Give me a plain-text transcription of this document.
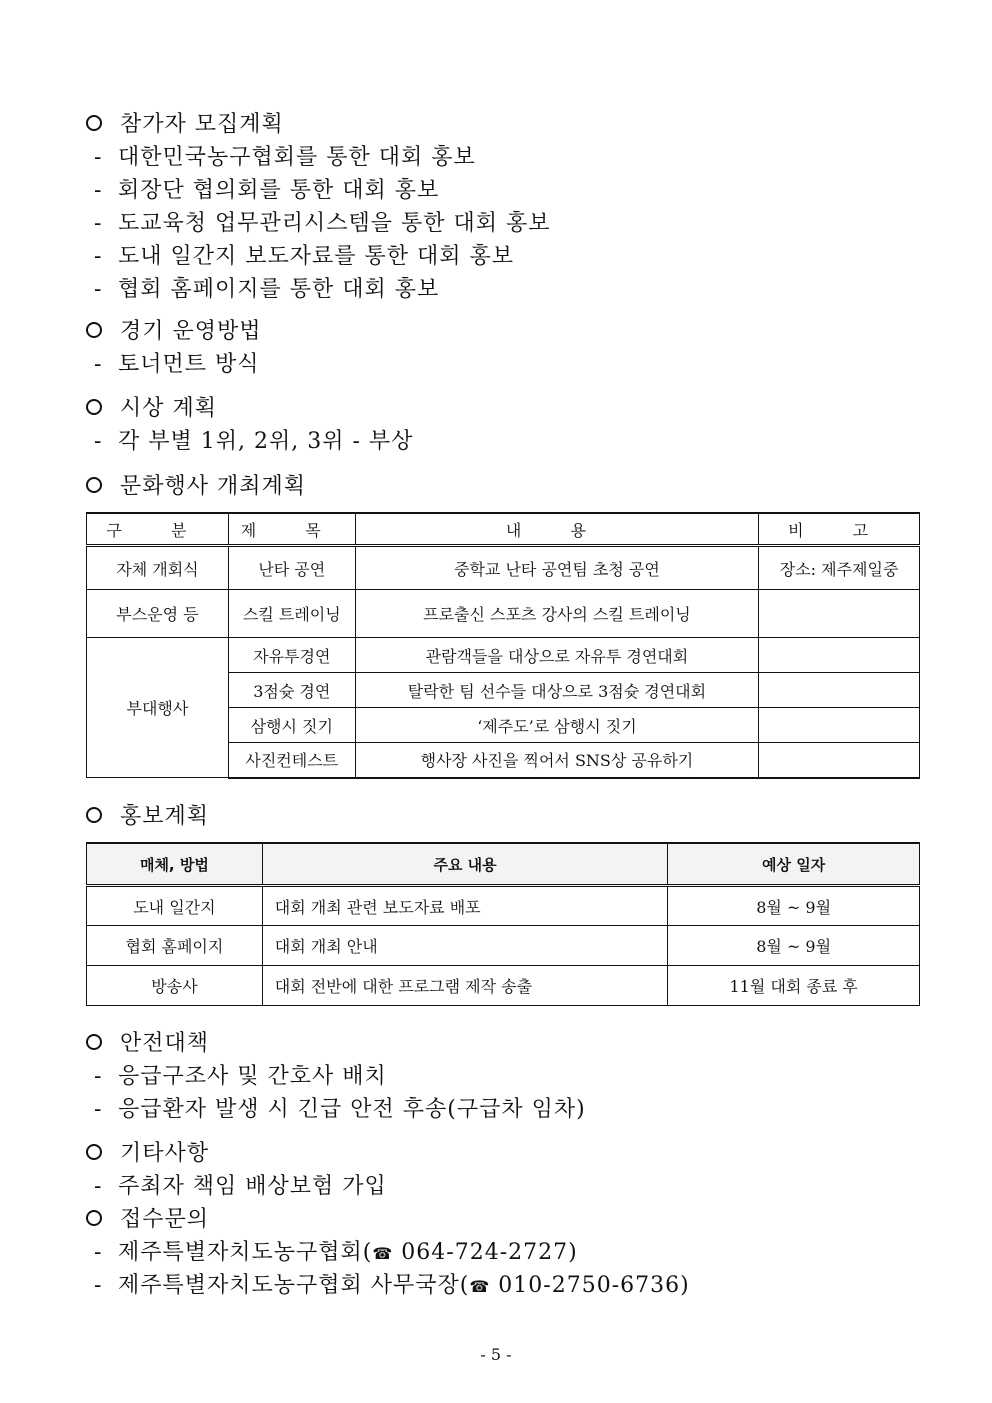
참가자 모집계획
- 대한민국농구협회를 통한 대회 홍보
- 회장단 협의회를 통한 대회 홍보
- 도교육청 업무관리시스템을 통한 대회 홍보
- 도내 일간지 보도자료를 통한 대회 홍보
- 협회 홈페이지를 통한 대회 홍보
경기 운영방법
- 토너먼트 방식
시상 계획
- 각 부별 1위, 2위, 3위 - 부상
문화행사 개최계획
구 분	제 목	내 용	비 고
자체 개회식	난타 공연	중학교 난타 공연팀 초청 공연	장소: 제주제일중
부스운영 등	스킬 트레이닝	프로출신 스포츠 강사의 스킬 트레이닝	
부대행사	자유투경연	관람객들을 대상으로 자유투 경연대회	
	3점슛 경연	탈락한 팀 선수들 대상으로 3점슛 경연대회	
	삼행시 짓기	‘제주도’로 삼행시 짓기	
	사진컨테스트	행사장 사진을 찍어서 SNS상 공유하기	
홍보계획
매체, 방법	주요 내용	예상 일자
도내 일간지	대회 개최 관련 보도자료 배포	8월 ~ 9월
협회 홈페이지	대회 개최 안내	8월 ~ 9월
방송사	대회 전반에 대한 프로그램 제작 송출	11월 대회 종료 후
안전대책
- 응급구조사 및 간호사 배치
- 응급환자 발생 시 긴급 안전 후송(구급차 임차)
기타사항
- 주최자 책임 배상보험 가입
접수문의
- 제주특별자치도농구협회(☎ 064-724-2727)
- 제주특별자치도농구협회 사무국장(☎ 010-2750-6736)
- 5 -
